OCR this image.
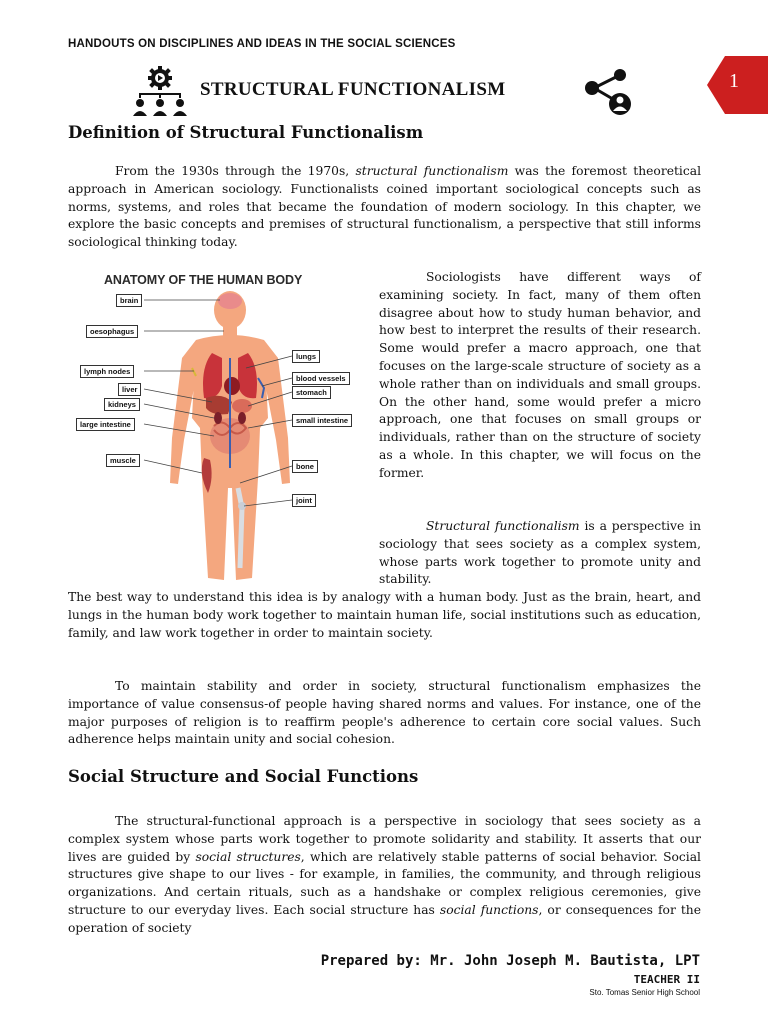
HANDOUTS ON DISCIPLINES AND IDEAS IN THE SOCIAL SCIENCES
STRUCTURAL FUNCTIONALISM	1
Definition of Structural Functionalism

From the 1930s through the 1970s, structural functionalism was the foremost theoretical approach in American sociology. Functionalists coined important sociological concepts such as norms, systems, and roles that became the foundation of modern sociology. In this chapter, we explore the basic concepts and premises of structural functionalism, a perspective that still informs sociological thinking today.

ANATOMY OF THE HUMAN BODY
brain
oesophagus
lymph nodes
liver
kidneys
large intestine
muscle
lungs
blood vessels
stomach
small intestine
bone
joint

Sociologists have different ways of examining society. In fact, many of them often disagree about how to study human behavior, and how best to interpret the results of their research. Some would prefer a macro approach, one that focuses on the large-scale structure of society as a whole rather than on individuals and small groups. On the other hand, some would prefer a micro approach, one that focuses on small groups or individuals, rather than on the structure of society as a whole. In this chapter, we will focus on the former.

Structural functionalism is a perspective in sociology that sees society as a complex system, whose parts work together to promote unity and stability.

The best way to understand this idea is by analogy with a human body. Just as the brain, heart, and lungs in the human body work together to maintain human life, social institutions such as education, family, and law work together in order to maintain society.

To maintain stability and order in society, structural functionalism emphasizes the importance of value consensus-of people having shared norms and values. For instance, one of the major purposes of religion is to reaffirm people's adherence to certain core social values. Such adherence helps maintain unity and social cohesion.

Social Structure and Social Functions

The structural-functional approach is a perspective in sociology that sees society as a complex system whose parts work together to promote solidarity and stability. It asserts that our lives are guided by social structures, which are relatively stable patterns of social behavior. Social structures give shape to our lives - for example, in families, the community, and through religious organizations. And certain rituals, such as a handshake or complex religious ceremonies, give structure to our everyday lives. Each social structure has social functions, or consequences for the operation of society

Prepared by: Mr. John Joseph M. Bautista, LPT
TEACHER II
Sto. Tomas Senior High School
